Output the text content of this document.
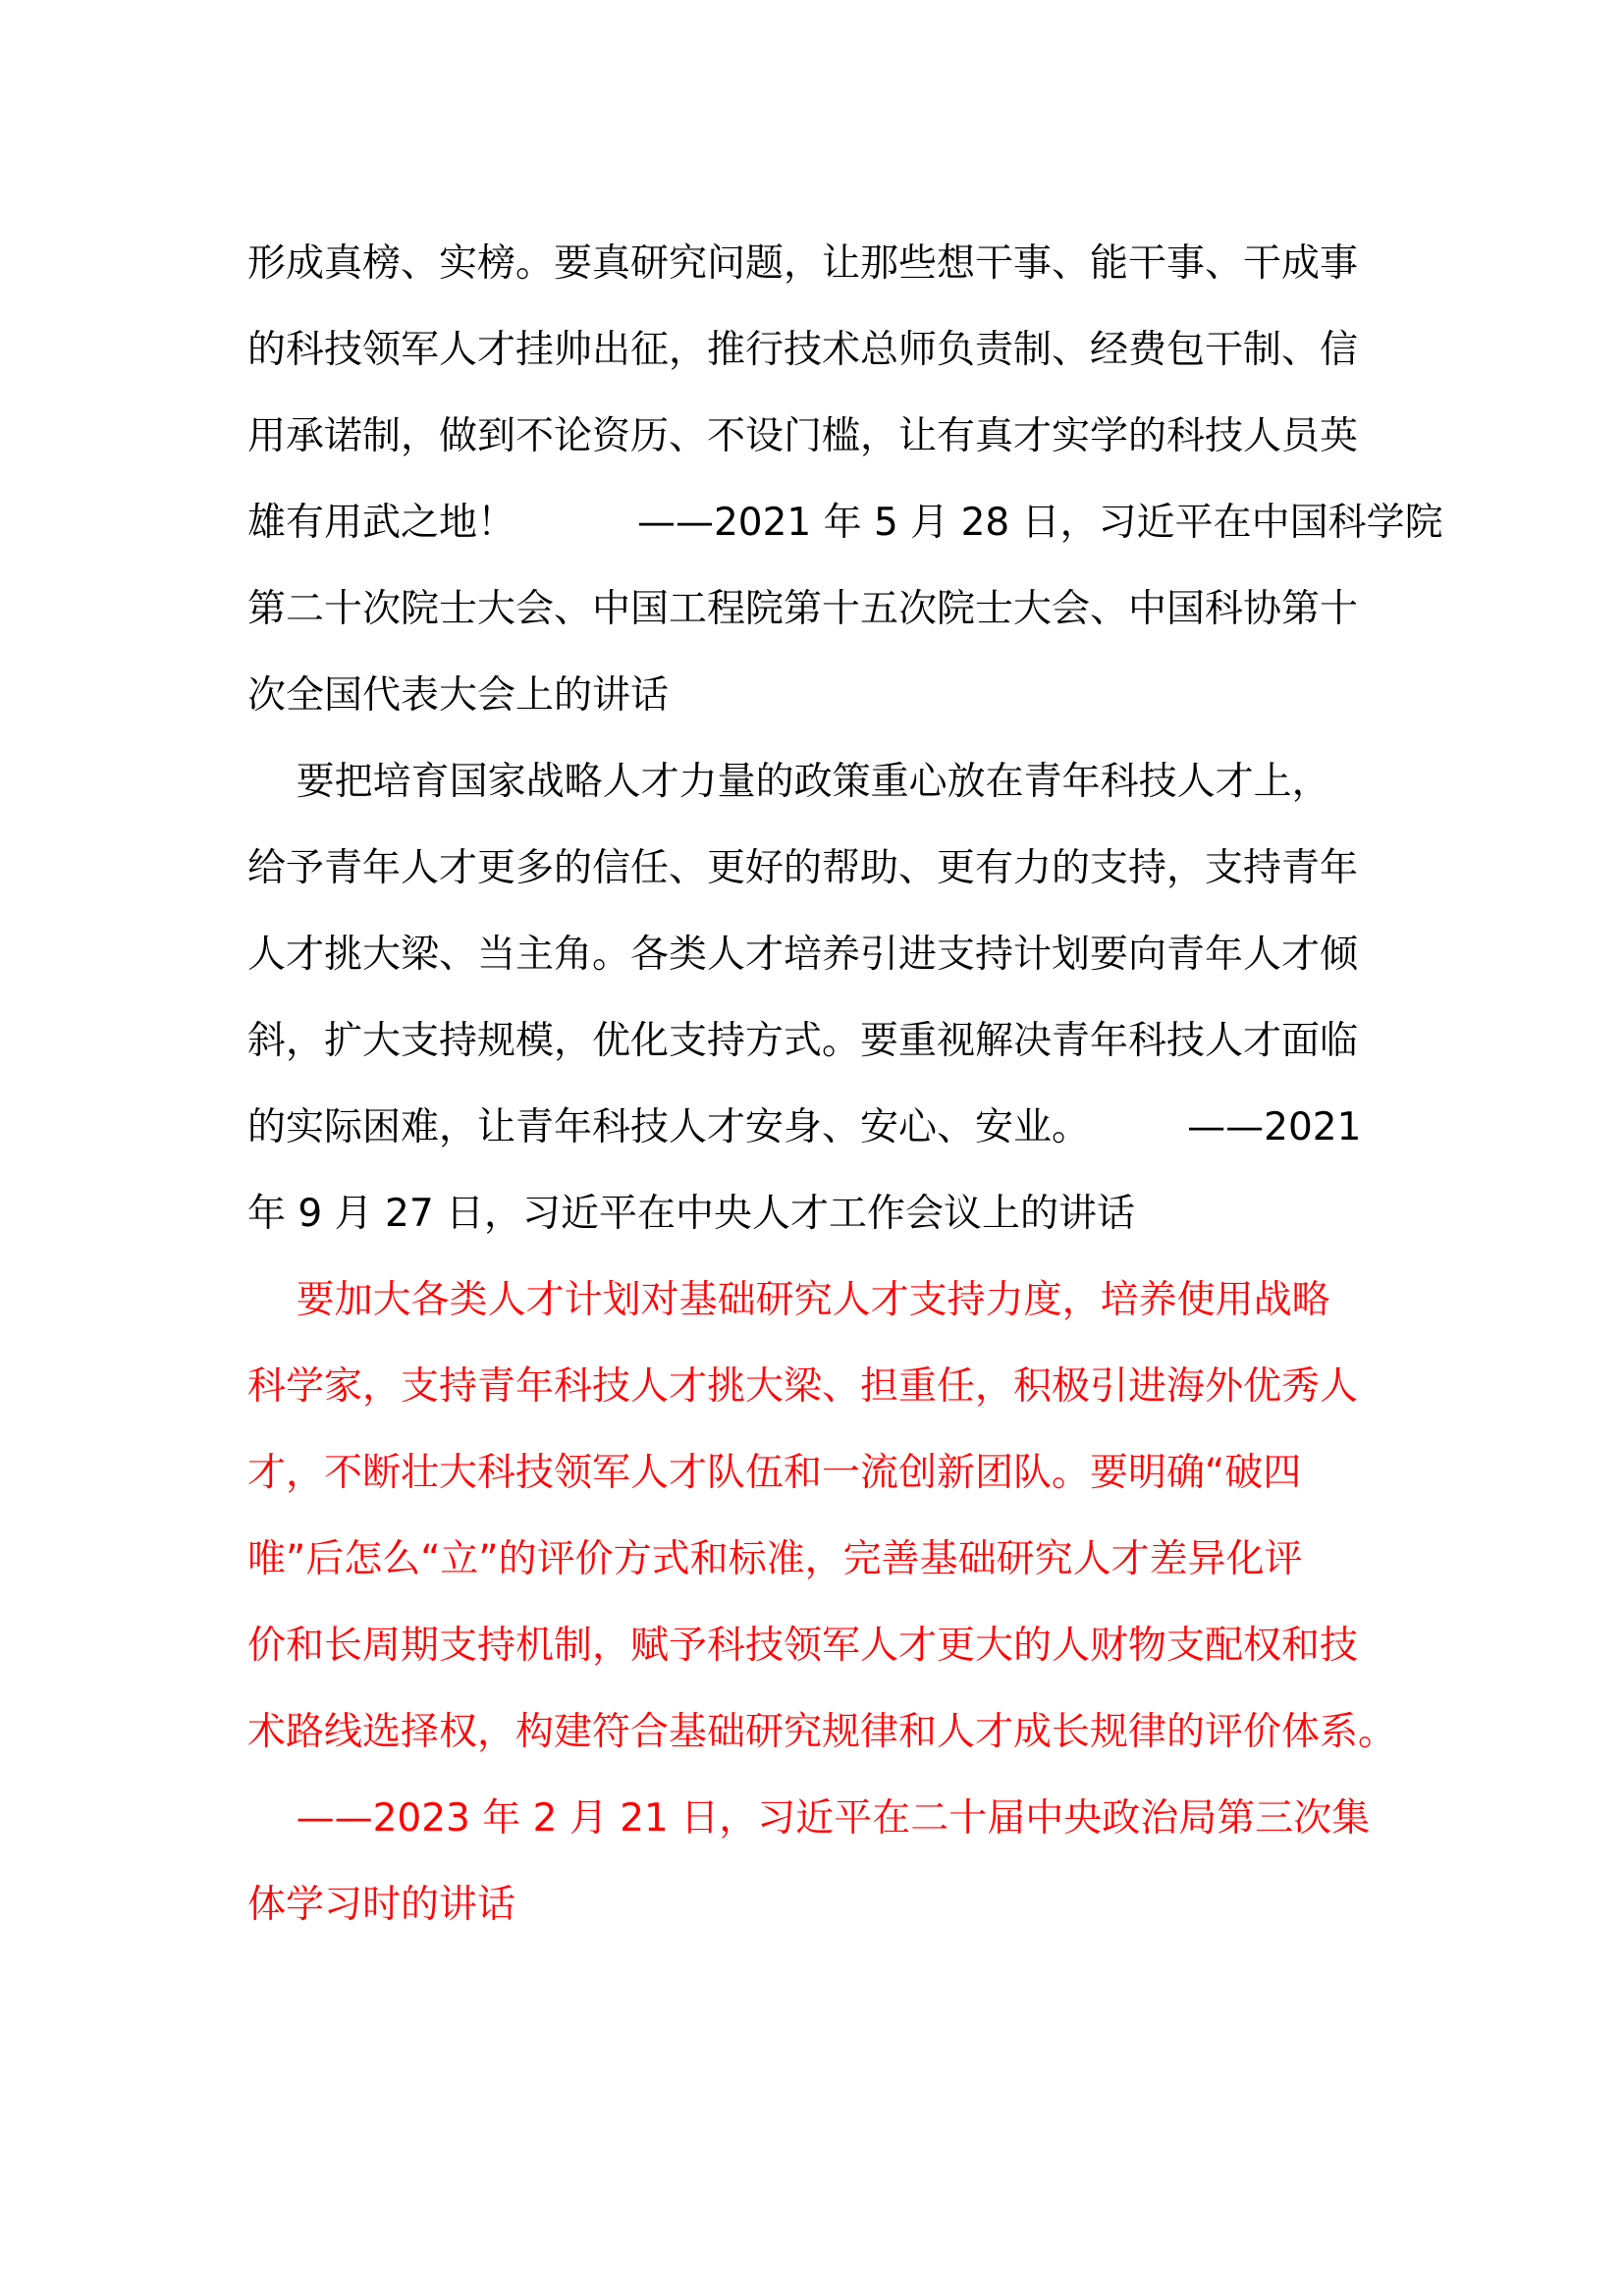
形成真榜、实榜。要真研究问题，让那些想干事、能干事、干成事
的科技领军人才挂帅出征，推行技术总师负责制、经费包干制、信
用承诺制，做到不论资历、不设门槛，让有真才实学的科技人员英
雄有用武之地！          ——2021 年 5 月 28 日，习近平在中国科学院
第二十次院士大会、中国工程院第十五次院士大会、中国科协第十
次全国代表大会上的讲话
要把培育国家战略人才力量的政策重心放在青年科技人才上，
给予青年人才更多的信任、更好的帮助、更有力的支持，支持青年
人才挑大梁、当主角。各类人才培养引进支持计划要向青年人才倾
斜，扩大支持规模，优化支持方式。要重视解决青年科技人才面临
的实际困难，让青年科技人才安身、安心、安业。        ——2021
年 9 月 27 日，习近平在中央人才工作会议上的讲话
要加大各类人才计划对基础研究人才支持力度，培养使用战略
科学家，支持青年科技人才挑大梁、担重任，积极引进海外优秀人
才，不断壮大科技领军人才队伍和一流创新团队。要明确“破四
唯”后怎么“立”的评价方式和标准，完善基础研究人才差异化评
价和长周期支持机制，赋予科技领军人才更大的人财物支配权和技
术路线选择权，构建符合基础研究规律和人才成长规律的评价体系。
——2023 年 2 月 21 日，习近平在二十届中央政治局第三次集
体学习时的讲话
